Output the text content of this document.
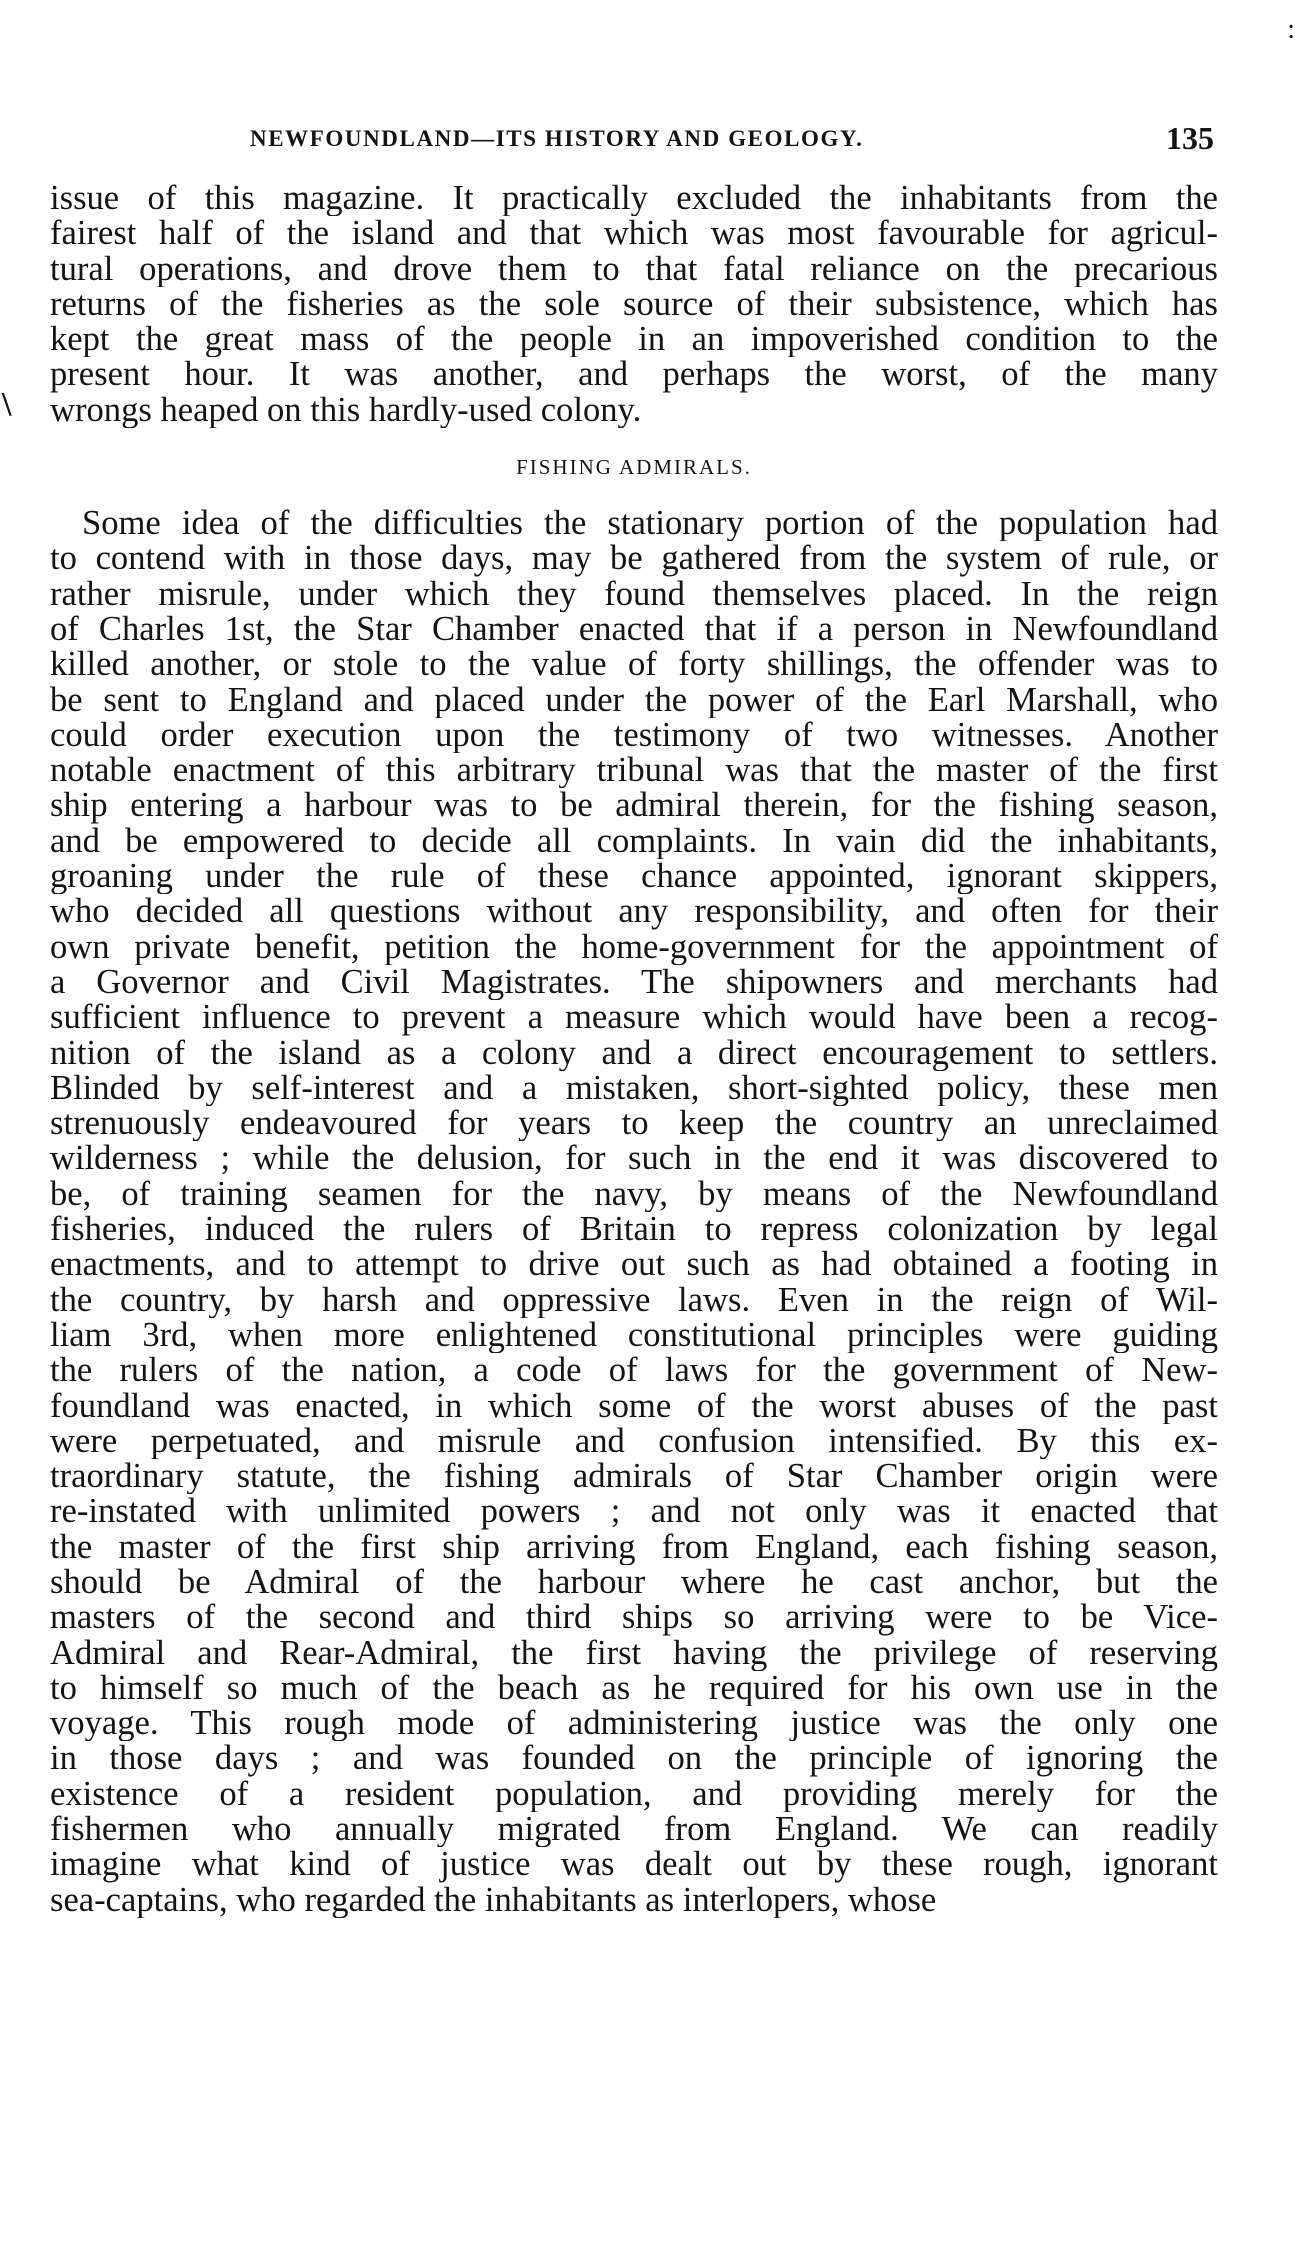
:
\
NEWFOUNDLAND—ITS HISTORY AND GEOLOGY.	135
issue of this magazine. It practically excluded the inhabitants from the
fairest half of the island and that which was most favourable for agricul-
tural operations, and drove them to that fatal reliance on the precarious
returns of the fisheries as the sole source of their subsistence, which has
kept the great mass of the people in an impoverished condition to the
present hour. It was another, and perhaps the worst, of the many
wrongs heaped on this hardly-used colony.
FISHING ADMIRALS.
Some idea of the difficulties the stationary portion of the population had
to contend with in those days, may be gathered from the system of rule, or
rather misrule, under which they found themselves placed. In the reign
of Charles 1st, the Star Chamber enacted that if a person in Newfoundland
killed another, or stole to the value of forty shillings, the offender was to
be sent to England and placed under the power of the Earl Marshall, who
could order execution upon the testimony of two witnesses. Another
notable enactment of this arbitrary tribunal was that the master of the first
ship entering a harbour was to be admiral therein, for the fishing season,
and be empowered to decide all complaints. In vain did the inhabitants,
groaning under the rule of these chance appointed, ignorant skippers,
who decided all questions without any responsibility, and often for their
own private benefit, petition the home-government for the appointment of
a Governor and Civil Magistrates. The shipowners and merchants had
sufficient influence to prevent a measure which would have been a recog-
nition of the island as a colony and a direct encouragement to settlers.
Blinded by self-interest and a mistaken, short-sighted policy, these men
strenuously endeavoured for years to keep the country an unreclaimed
wilderness ; while the delusion, for such in the end it was discovered to
be, of training seamen for the navy, by means of the Newfoundland
fisheries, induced the rulers of Britain to repress colonization by legal
enactments, and to attempt to drive out such as had obtained a footing in
the country, by harsh and oppressive laws. Even in the reign of Wil-
liam 3rd, when more enlightened constitutional principles were guiding
the rulers of the nation, a code of laws for the government of New-
foundland was enacted, in which some of the worst abuses of the past
were perpetuated, and misrule and confusion intensified. By this ex-
traordinary statute, the fishing admirals of Star Chamber origin were
re-instated with unlimited powers ; and not only was it enacted that
the master of the first ship arriving from England, each fishing season,
should be Admiral of the harbour where he cast anchor, but the
masters of the second and third ships so arriving were to be Vice-
Admiral and Rear-Admiral, the first having the privilege of reserving
to himself so much of the beach as he required for his own use in the
voyage. This rough mode of administering justice was the only one
in those days ; and was founded on the principle of ignoring the
existence of a resident population, and providing merely for the
fishermen who annually migrated from England. We can readily
imagine what kind of justice was dealt out by these rough, ignorant
sea-captains, who regarded the inhabitants as interlopers, whose
